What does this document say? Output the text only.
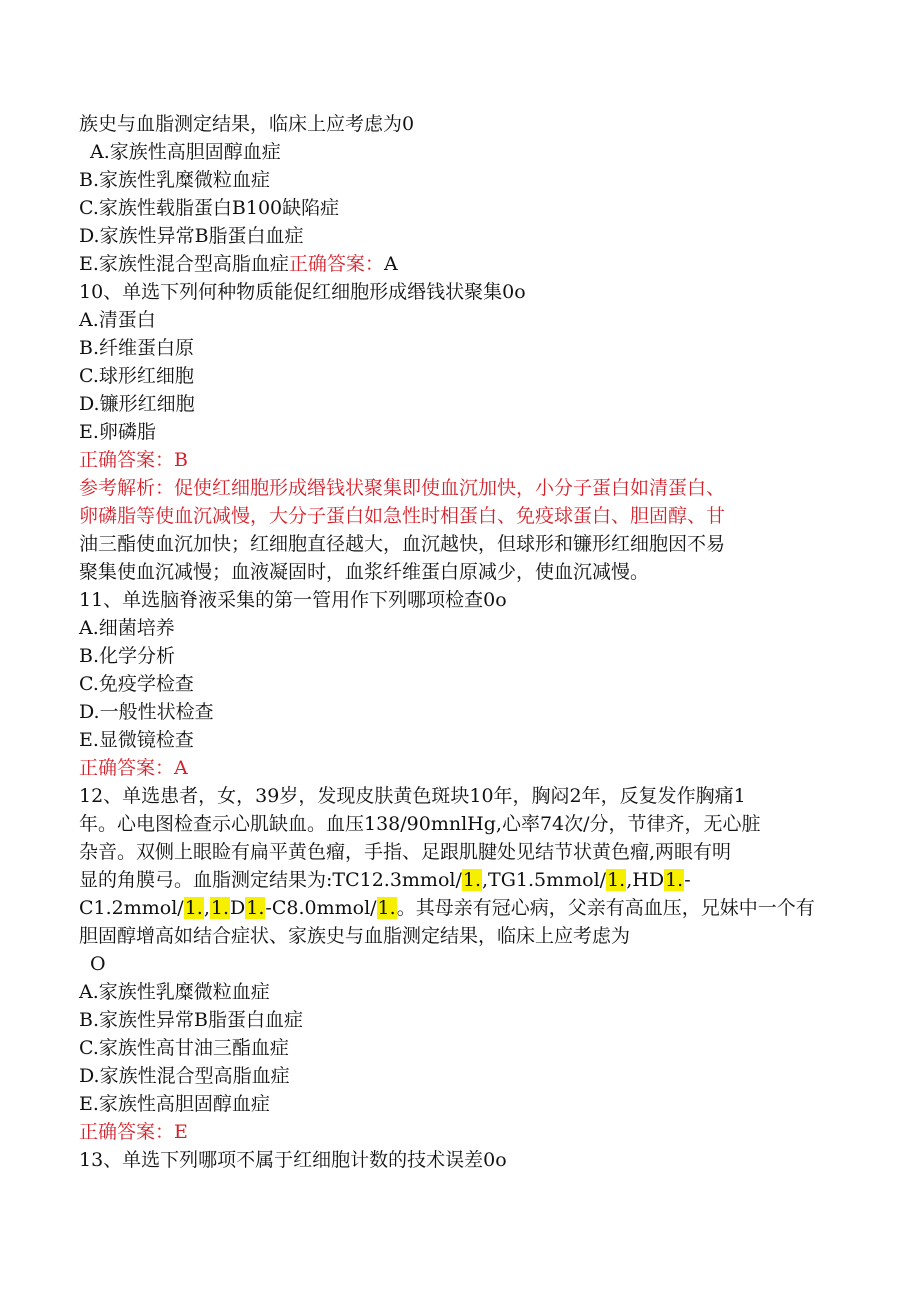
族史与血脂测定结果，临床上应考虑为0
A.家族性高胆固醇血症
B.家族性乳糜微粒血症
C.家族性载脂蛋白B100缺陷症
D.家族性异常B脂蛋白血症
E.家族性混合型高脂血症正确答案：A
10、单选下列何种物质能促红细胞形成缗钱状聚集0o
A.清蛋白
B.纤维蛋白原
C.球形红细胞
D.镰形红细胞
E.卵磷脂
正确答案：B
参考解析：促使红细胞形成缗钱状聚集即使血沉加快，小分子蛋白如清蛋白、
卵磷脂等使血沉减慢，大分子蛋白如急性时相蛋白、免疫球蛋白、胆固醇、甘
油三酯使血沉加快；红细胞直径越大，血沉越快，但球形和镰形红细胞因不易
聚集使血沉减慢；血液凝固时，血浆纤维蛋白原减少，使血沉减慢。
11、单选脑脊液采集的第一管用作下列哪项检查0o
A.细菌培养
B.化学分析
C.免疫学检查
D.一般性状检查
E.显微镜检查
正确答案：A
12、单选患者，女，39岁，发现皮肤黄色斑块10年，胸闷2年，反复发作胸痛1
年。心电图检查示心肌缺血。血压138/90mnlHg,心率74次/分，节律齐，无心脏
杂音。双侧上眼睑有扁平黄色瘤，手指、足跟肌腱处见结节状黄色瘤,两眼有明
显的角膜弓。血脂测定结果为:TC12.3mmol/1.,TG1.5mmol/1.,HD1.-
C1.2mmol/1.,1.D1.-C8.0mmol/1.。其母亲有冠心病，父亲有高血压，兄妹中一个有
胆固醇增高如结合症状、家族史与血脂测定结果，临床上应考虑为
O
A.家族性乳糜微粒血症
B.家族性异常B脂蛋白血症
C.家族性高甘油三酯血症
D.家族性混合型高脂血症
E.家族性高胆固醇血症
正确答案：E
13、单选下列哪项不属于红细胞计数的技术误差0o
